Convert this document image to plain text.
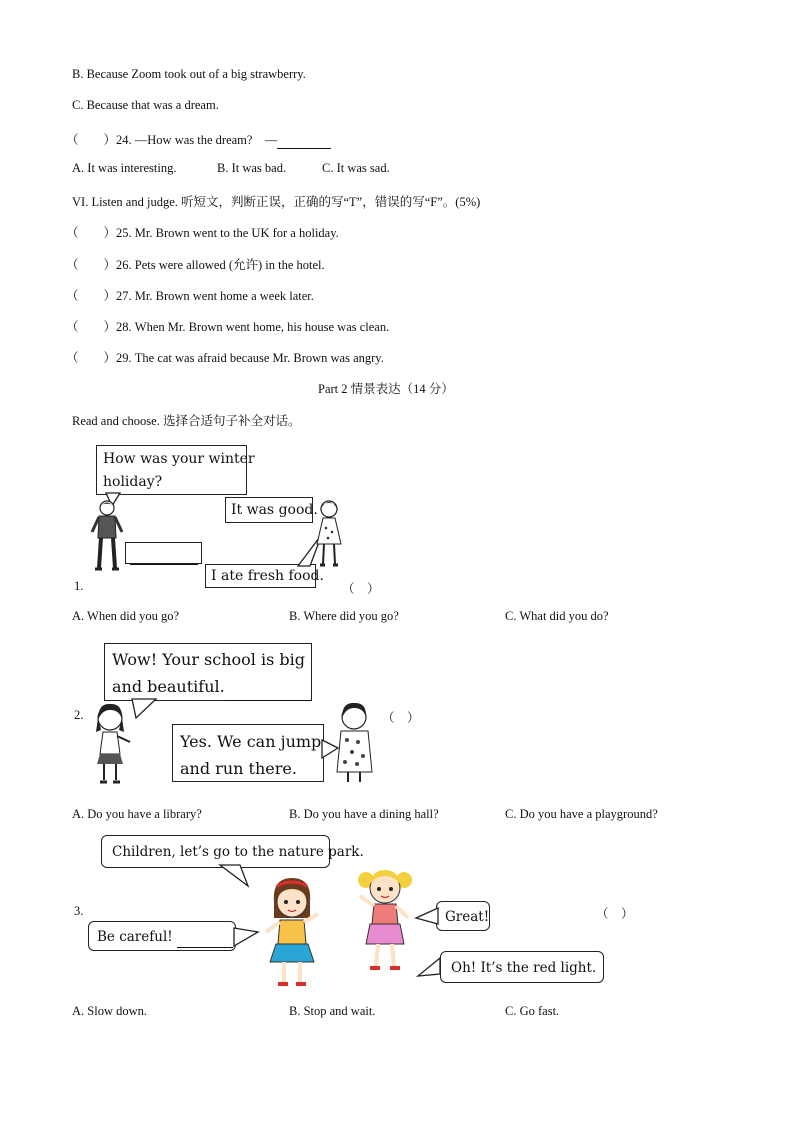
B. Because Zoom took out of a big strawberry.
C. Because that was a dream.
（　　）24. —How was the dream?　—
A. It was interesting.	B. It was bad.	C. It was sad.
VI. Listen and judge. 听短文，判断正误，正确的写“T”，错误的写“F”。(5%)
（　　）25. Mr. Brown went to the UK for a holiday.
（　　）26. Pets were allowed (允许) in the hotel.
（　　）27. Mr. Brown went home a week later.
（　　）28. When Mr. Brown went home, his house was clean.
（　　）29. The cat was afraid because Mr. Brown was angry.
Part 2 情景表达（14 分）
Read and choose. 选择合适句子补全对话。
How was your winter
holiday?
It was good.

I ate fresh food.
1.	（　）
A. When did you go?	B. Where did you go?	C. What did you do?
Wow! Your school is big
and beautiful.
Yes. We can jump
and run there.
2.	（　）
A. Do you have a library?	B. Do you have a dining hall?	C. Do you have a playground?
Children, let’s go to the nature park.
Be careful!
Great!
Oh! It’s the red light.
3.	（　）
A. Slow down.	B. Stop and wait.	C. Go fast.
